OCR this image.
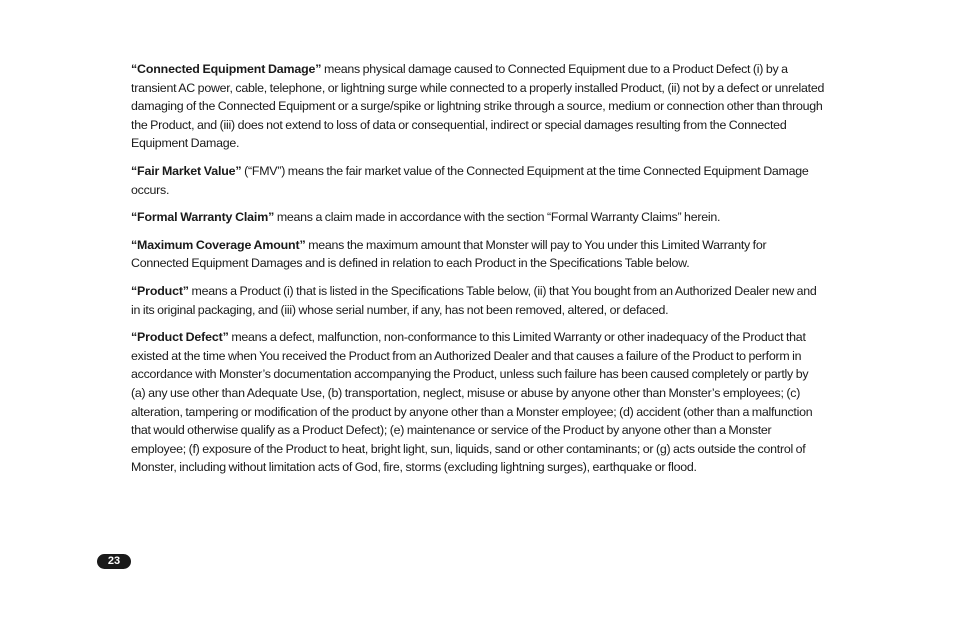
“Connected Equipment Damage” means physical damage caused to Connected Equipment due to a Product Defect (i) by a transient AC power, cable, telephone, or lightning surge while connected to a properly installed Product, (ii) not by a defect or unrelated damaging of the Connected Equipment or a surge/spike or lightning strike through a source, medium or connection other than through the Product, and (iii) does not extend to loss of data or consequential, indirect or special damages resulting from the Connected Equipment Damage.

“Fair Market Value” (“FMV”) means the fair market value of the Connected Equipment at the time Connected Equipment Damage occurs.

“Formal Warranty Claim” means a claim made in accordance with the section “Formal Warranty Claims” herein.

“Maximum Coverage Amount” means the maximum amount that Monster will pay to You under this Limited Warranty for Connected Equipment Damages and is defined in relation to each Product in the Specifications Table below.

“Product” means a Product (i) that is listed in the Specifications Table below, (ii) that You bought from an Authorized Dealer new and in its original packaging, and (iii) whose serial number, if any, has not been removed, altered, or defaced.

“Product Defect” means a defect, malfunction, non-conformance to this Limited Warranty or other inadequacy of the Product that existed at the time when You received the Product from an Authorized Dealer and that causes a failure of the Product to perform in accordance with Monster’s documentation accompanying the Product, unless such failure has been caused completely or partly by (a) any use other than Adequate Use, (b) transportation, neglect, misuse or abuse by anyone other than Monster’s employees; (c) alteration, tampering or modification of the product by anyone other than a Monster employee; (d) accident (other than a malfunction that would otherwise qualify as a Product Defect); (e) maintenance or service of the Product by anyone other than a Monster employee; (f) exposure of the Product to heat, bright light, sun, liquids, sand or other contaminants; or (g) acts outside the control of Monster, including without limitation acts of God, fire, storms (excluding lightning surges), earthquake or flood.

23
